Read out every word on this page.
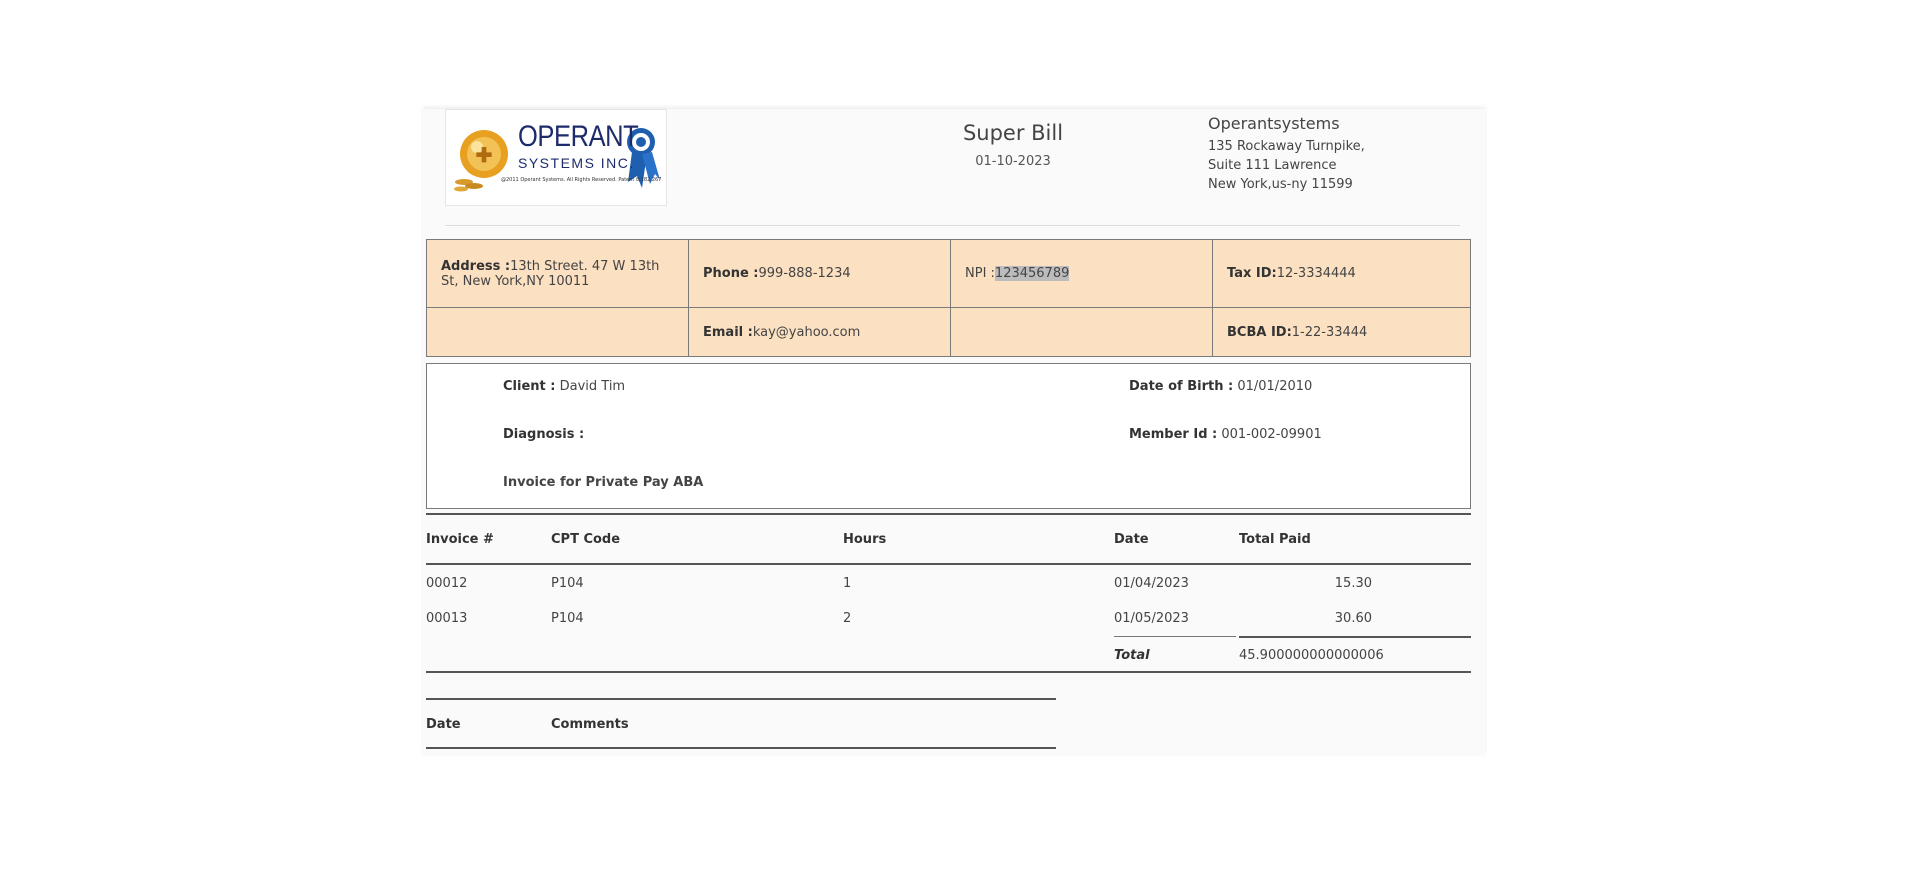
✚
OPERANT
SYSTEMS INC.
@2011 Operant Systems. All Rights Reserved. Patent 8,182,267
Super Bill
01-10-2023
Operantsystems
135 Rockaway Turnpike,
Suite 111 Lawrence
New York,us-ny 11599
Address :13th Street. 47 W 13th St, New York,NY 10011	Phone :999-888-1234	NPI :123456789	Tax ID:12-3334444
	Email :kay@yahoo.com		BCBA ID:1-22-33444
Client : David Tim	Date of Birth : 01/01/2010
Diagnosis :	Member Id : 001-002-09901
Invoice for Private Pay ABA
Invoice #	CPT Code	Hours	Date	Total Paid
00012	P104	1	01/04/2023	15.30
00013	P104	2	01/05/2023	30.60
Total	45.900000000000006
Date	Comments
